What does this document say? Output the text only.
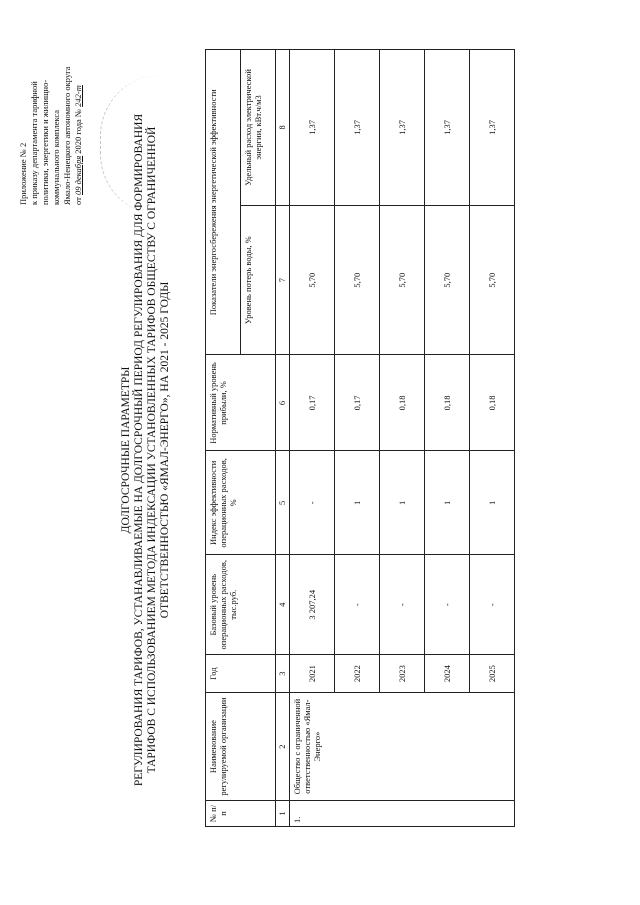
Приложение № 2 к приказу департамента тарифной политики, энергетики и жилищно- коммунального комплекса Ямало-Ненецкого автономного округа от 09 декабря 2020 года № 242-т
ДОЛГОСРОЧНЫЕ ПАРАМЕТРЫ РЕГУЛИРОВАНИЯ ТАРИФОВ, УСТАНАВЛИВАЕМЫЕ НА ДОЛГОСРОЧНЫЙ ПЕРИОД РЕГУЛИРОВАНИЯ ДЛЯ ФОРМИРОВАНИЯ ТАРИФОВ С ИСПОЛЬЗОВАНИЕМ МЕТОДА ИНДЕКСАЦИИ УСТАНОВЛЕННЫХ ТАРИФОВ ОБЩЕСТВУ С ОГРАНИЧЕННОЙ ОТВЕТСТВЕННОСТЬЮ «ЯМАЛ-ЭНЕРГО», НА 2021 - 2025 ГОДЫ
№ п/п	Наименование регулируемой организации	Год	Базовый уровень операционных расходов, тыс.руб.	Индекс эффективности операционных расходов, %	Нормативный уровень прибыли, %	Показатели энергосбережения энергетической эффективности	
						Уровень потерь воды, %	Удельный расход электрической энергии, кВт.ч/м3
1	2	3	4	5	6	7	8
1.	Общество с ограниченной ответственностью «Ямал-Энерго»	2021	3 207,24	-	0,17	5,70	1,37
		2022	-	1	0,17	5,70	1,37
		2023	-	1	0,18	5,70	1,37
		2024	-	1	0,18	5,70	1,37
		2025	-	1	0,18	5,70	1,37
